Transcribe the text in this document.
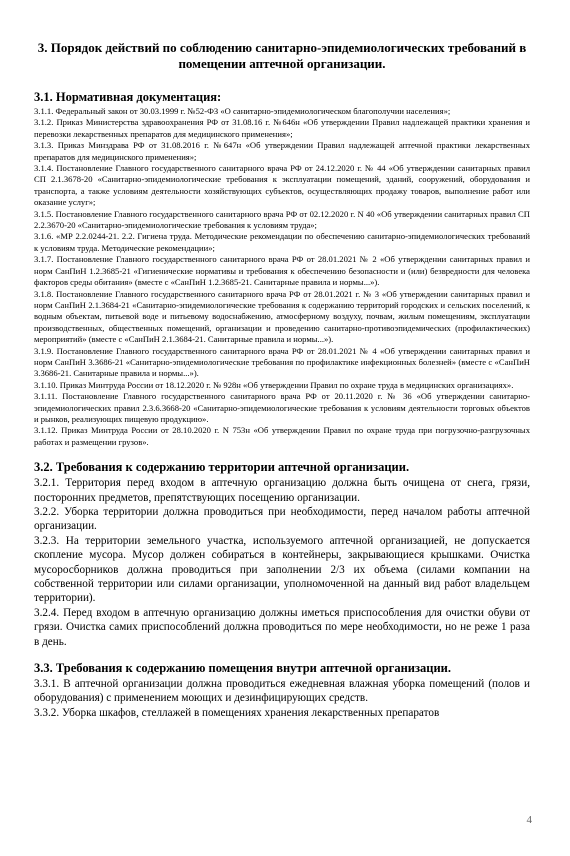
3. Порядок действий по соблюдению санитарно-эпидемиологических требований в
помещении аптечной организации.
3.1. Нормативная документация:

3.1.1. Федеральный закон от 30.03.1999 г. №52-ФЗ «О санитарно-эпидемиологическом благополучии населения»;

3.1.2. Приказ Министерства здравоохранения РФ от 31.08.16 г. №646н «Об утверждении Правил надлежащей практики хранения и перевозки лекарственных препаратов для медицинского применения»;

3.1.3. Приказ Минздрава РФ от 31.08.2016 г. №647н «Об утверждении Правил надлежащей аптечной практики лекарственных препаратов для медицинского применения»;

3.1.4. Постановление Главного государственного санитарного врача РФ от 24.12.2020 г. № 44 «Об утверждении санитарных правил СП 2.1.3678-20 «Санитарно-эпидемиологические требования к эксплуатации помещений, зданий, сооружений, оборудования и транспорта, а также условиям деятельности хозяйствующих субъектов, осуществляющих продажу товаров, выполнение работ или оказание услуг»;

3.1.5. Постановление Главного государственного санитарного врача РФ от 02.12.2020 г. N 40 «Об утверждении санитарных правил СП 2.2.3670-20 «Санитарно-эпидемиологические требования к условиям труда»;

3.1.6. «МР 2.2.0244-21. 2.2. Гигиена труда. Методические рекомендации по обеспечению санитарно-эпидемиологических требований к условиям труда. Методические рекомендации»;

3.1.7. Постановление Главного государственного санитарного врача РФ от 28.01.2021 № 2 «Об утверждении санитарных правил и норм СанПиН 1.2.3685-21 «Гигиенические нормативы и требования к обеспечению безопасности и (или) безвредности для человека факторов среды обитания» (вместе с «СанПиН 1.2.3685-21. Санитарные правила и нормы...»).

3.1.8. Постановление Главного государственного санитарного врача РФ от 28.01.2021 г. № 3 «Об утверждении санитарных правил и норм СанПиН 2.1.3684-21 «Санитарно-эпидемиологические требования к содержанию территорий городских и сельских поселений, к водным объектам, питьевой воде и питьевому водоснабжению, атмосферному воздуху, почвам, жилым помещениям, эксплуатации производственных, общественных помещений, организации и проведению санитарно-противоэпидемических (профилактических) мероприятий» (вместе с «СанПиН 2.1.3684-21. Санитарные правила и нормы...»).

3.1.9. Постановление Главного государственного санитарного врача РФ от 28.01.2021 № 4 «Об утверждении санитарных правил и норм СанПиН 3.3686-21 «Санитарно-эпидемиологические требования по профилактике инфекционных болезней» (вместе с «СанПиН 3.3686-21. Санитарные правила и нормы...»).

3.1.10. Приказ Минтруда России от 18.12.2020 г. № 928н «Об утверждении Правил по охране труда в медицинских организациях».

3.1.11. Постановление Главного государственного санитарного врача РФ от 20.11.2020 г. № 36 «Об утверждении санитарно-эпидемиологических правил 2.3.6.3668-20 «Санитарно-эпидемиологические требования к условиям деятельности торговых объектов и рынков, реализующих пищевую продукцию».

3.1.12. Приказ Минтруда России от 28.10.2020 г. N 753н «Об утверждении Правил по охране труда при погрузочно-разгрузочных работах и размещении грузов».

3.2. Требования к содержанию территории аптечной организации.

3.2.1. Территория перед входом в аптечную организацию должна быть очищена от снега, грязи, посторонних предметов, препятствующих посещению организации.

3.2.2. Уборка территории должна проводиться при необходимости, перед началом работы аптечной организации.

3.2.3. На территории земельного участка, используемого аптечной организацией, не допускается скопление мусора. Мусор должен собираться в контейнеры, закрывающиеся крышками. Очистка мусоросборников должна проводиться при заполнении 2/3 их объема (силами компании на собственной территории или силами организации, уполномоченной на данный вид работ владельцем территории).

3.2.4. Перед входом в аптечную организацию должны иметься приспособления для очистки обуви от грязи. Очистка самих приспособлений должна проводиться по мере необходимости, но не реже 1 раза в день.

3.3. Требования к содержанию помещения внутри аптечной организации.

3.3.1. В аптечной организации должна проводиться ежедневная влажная уборка помещений (полов и оборудования) с применением моющих и дезинфицирующих средств.

3.3.2. Уборка шкафов, стеллажей в помещениях хранения лекарственных препаратов

4
